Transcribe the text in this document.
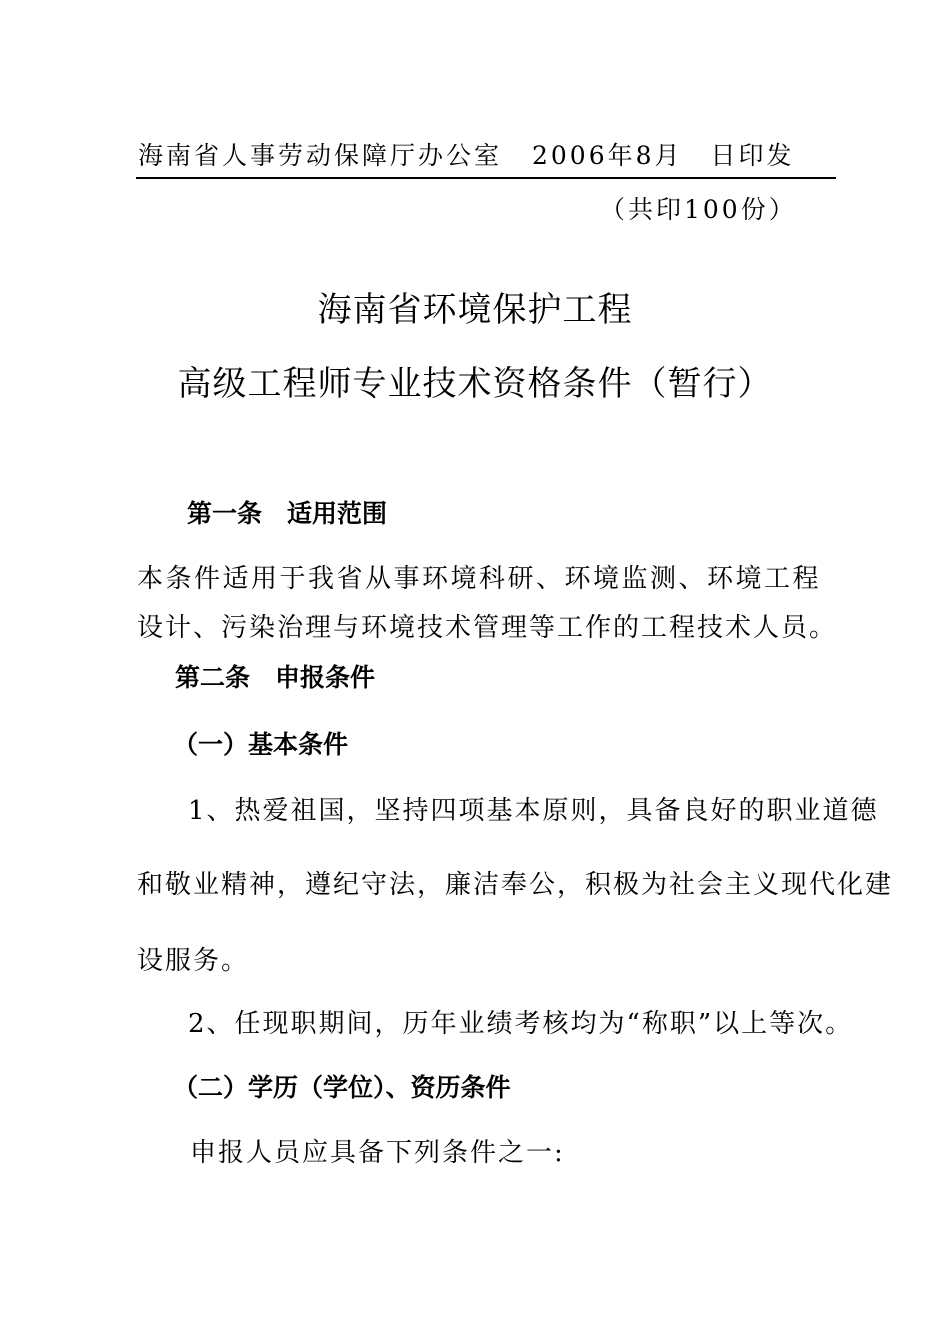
海南省人事劳动保障厅办公室 2006年8月　日印发
（共印100份）
海南省环境保护工程
高级工程师专业技术资格条件（暂行）
第一条　适用范围
本条件适用于我省从事环境科研、环境监测、环境工程
设计、污染治理与环境技术管理等工作的工程技术人员。
第二条　申报条件
（一）基本条件
1、热爱祖国，坚持四项基本原则，具备良好的职业道德
和敬业精神，遵纪守法，廉洁奉公，积极为社会主义现代化建
设服务。
2、任现职期间，历年业绩考核均为“称职”以上等次。
（二）学历（学位）、资历条件
申报人员应具备下列条件之一:
